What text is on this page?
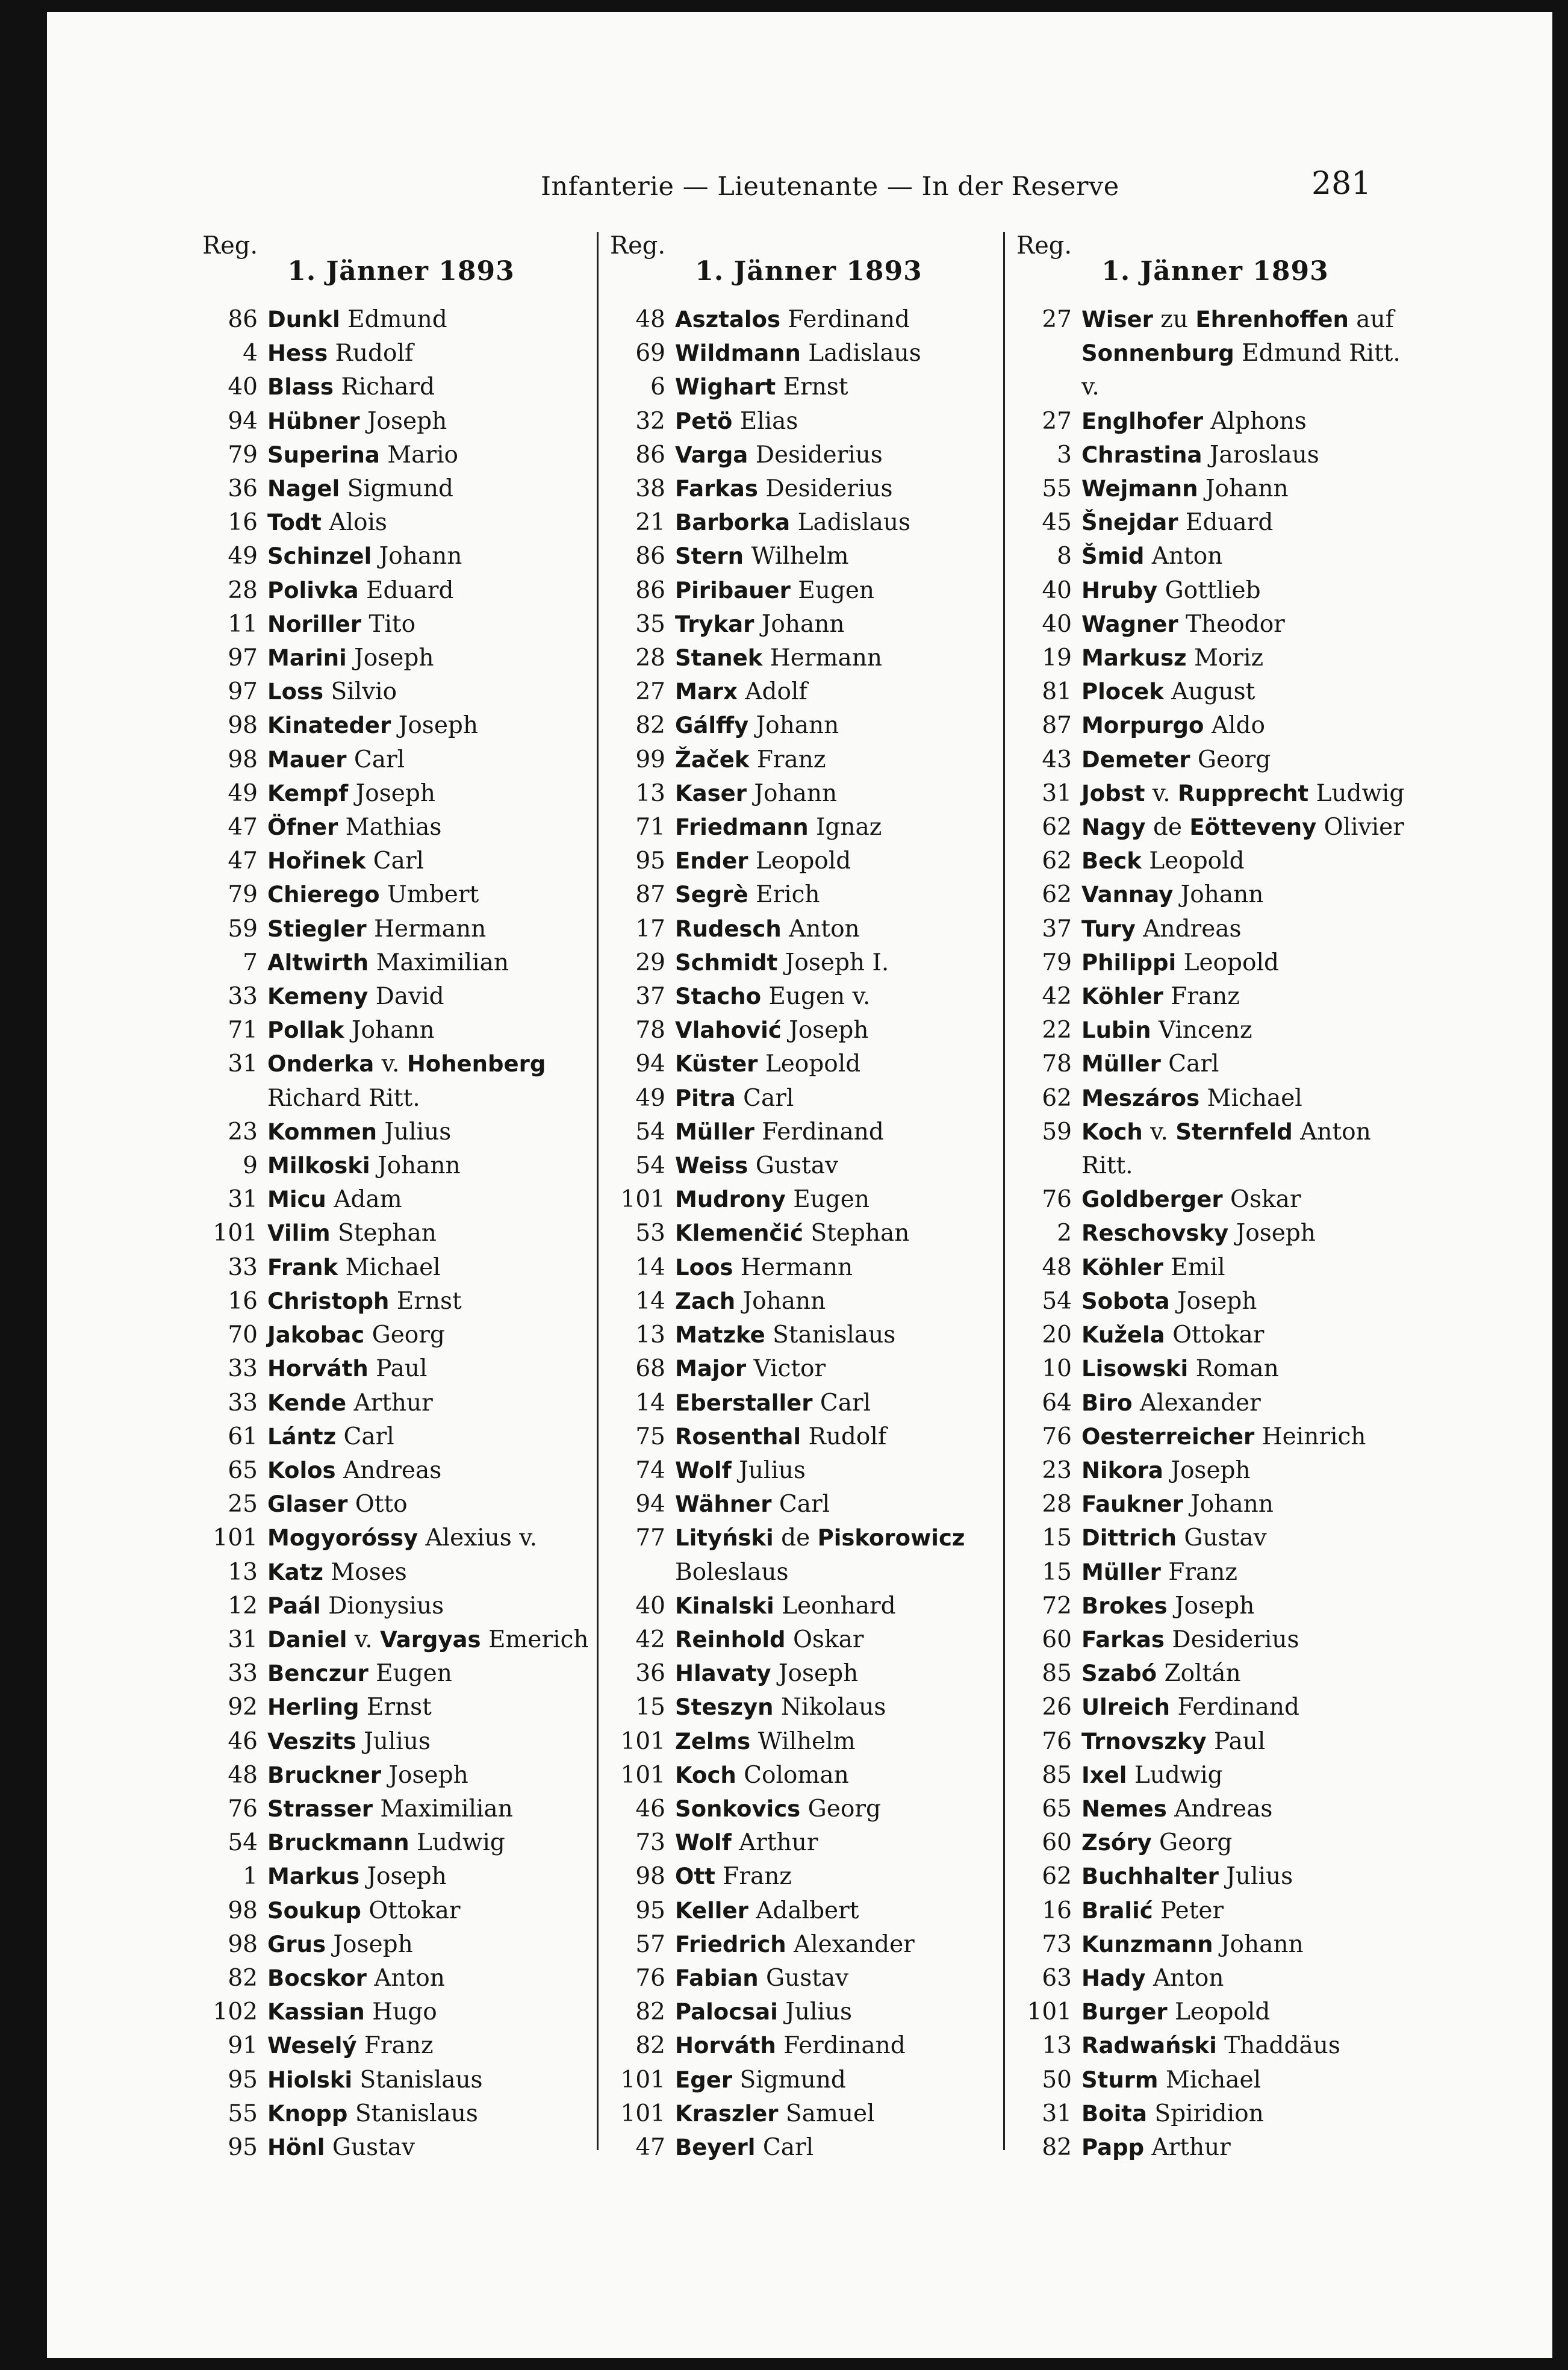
Infanterie — Lieutenante — In der Reserve	281
Reg.
1. Jänner 1893
86 Dunkl Edmund
4 Hess Rudolf
40 Blass Richard
94 Hübner Joseph
79 Superina Mario
36 Nagel Sigmund
16 Todt Alois
49 Schinzel Johann
28 Polivka Eduard
11 Noriller Tito
97 Marini Joseph
97 Loss Silvio
98 Kinateder Joseph
98 Mauer Carl
49 Kempf Joseph
47 Öfner Mathias
47 Hořinek Carl
79 Chierego Umbert
59 Stiegler Hermann
7 Altwirth Maximilian
33 Kemeny David
71 Pollak Johann
31 Onderka v. Hohenberg
Richard Ritt.
23 Kommen Julius
9 Milkoski Johann
31 Micu Adam
101 Vilim Stephan
33 Frank Michael
16 Christoph Ernst
70 Jakobac Georg
33 Horváth Paul
33 Kende Arthur
61 Lántz Carl
65 Kolos Andreas
25 Glaser Otto
101 Mogyoróssy Alexius v.
13 Katz Moses
12 Paál Dionysius
31 Daniel v. Vargyas Emerich
33 Benczur Eugen
92 Herling Ernst
46 Veszits Julius
48 Bruckner Joseph
76 Strasser Maximilian
54 Bruckmann Ludwig
1 Markus Joseph
98 Soukup Ottokar
98 Grus Joseph
82 Bocskor Anton
102 Kassian Hugo
91 Weselý Franz
95 Hiolski Stanislaus
55 Knopp Stanislaus
95 Hönl Gustav
Reg.
1. Jänner 1893
48 Asztalos Ferdinand
69 Wildmann Ladislaus
6 Wighart Ernst
32 Petö Elias
86 Varga Desiderius
38 Farkas Desiderius
21 Barborka Ladislaus
86 Stern Wilhelm
86 Piribauer Eugen
35 Trykar Johann
28 Stanek Hermann
27 Marx Adolf
82 Gálffy Johann
99 Žaček Franz
13 Kaser Johann
71 Friedmann Ignaz
95 Ender Leopold
87 Segrè Erich
17 Rudesch Anton
29 Schmidt Joseph I.
37 Stacho Eugen v.
78 Vlahović Joseph
94 Küster Leopold
49 Pitra Carl
54 Müller Ferdinand
54 Weiss Gustav
101 Mudrony Eugen
53 Klemenčić Stephan
14 Loos Hermann
14 Zach Johann
13 Matzke Stanislaus
68 Major Victor
14 Eberstaller Carl
75 Rosenthal Rudolf
74 Wolf Julius
94 Wähner Carl
77 Lityński de Piskorowicz
Boleslaus
40 Kinalski Leonhard
42 Reinhold Oskar
36 Hlavaty Joseph
15 Steszyn Nikolaus
101 Zelms Wilhelm
101 Koch Coloman
46 Sonkovics Georg
73 Wolf Arthur
98 Ott Franz
95 Keller Adalbert
57 Friedrich Alexander
76 Fabian Gustav
82 Palocsai Julius
82 Horváth Ferdinand
101 Eger Sigmund
101 Kraszler Samuel
47 Beyerl Carl
Reg.
1. Jänner 1893
27 Wiser zu Ehrenhoffen auf
Sonnenburg Edmund Ritt.
v.
27 Englhofer Alphons
3 Chrastina Jaroslaus
55 Wejmann Johann
45 Šnejdar Eduard
8 Šmid Anton
40 Hruby Gottlieb
40 Wagner Theodor
19 Markusz Moriz
81 Plocek August
87 Morpurgo Aldo
43 Demeter Georg
31 Jobst v. Rupprecht Ludwig
62 Nagy de Eötteveny Olivier
62 Beck Leopold
62 Vannay Johann
37 Tury Andreas
79 Philippi Leopold
42 Köhler Franz
22 Lubin Vincenz
78 Müller Carl
62 Meszáros Michael
59 Koch v. Sternfeld Anton
Ritt.
76 Goldberger Oskar
2 Reschovsky Joseph
48 Köhler Emil
54 Sobota Joseph
20 Kužela Ottokar
10 Lisowski Roman
64 Biro Alexander
76 Oesterreicher Heinrich
23 Nikora Joseph
28 Faukner Johann
15 Dittrich Gustav
15 Müller Franz
72 Brokes Joseph
60 Farkas Desiderius
85 Szabó Zoltán
26 Ulreich Ferdinand
76 Trnovszky Paul
85 Ixel Ludwig
65 Nemes Andreas
60 Zsóry Georg
62 Buchhalter Julius
16 Bralić Peter
73 Kunzmann Johann
63 Hady Anton
101 Burger Leopold
13 Radwański Thaddäus
50 Sturm Michael
31 Boita Spiridion
82 Papp Arthur
